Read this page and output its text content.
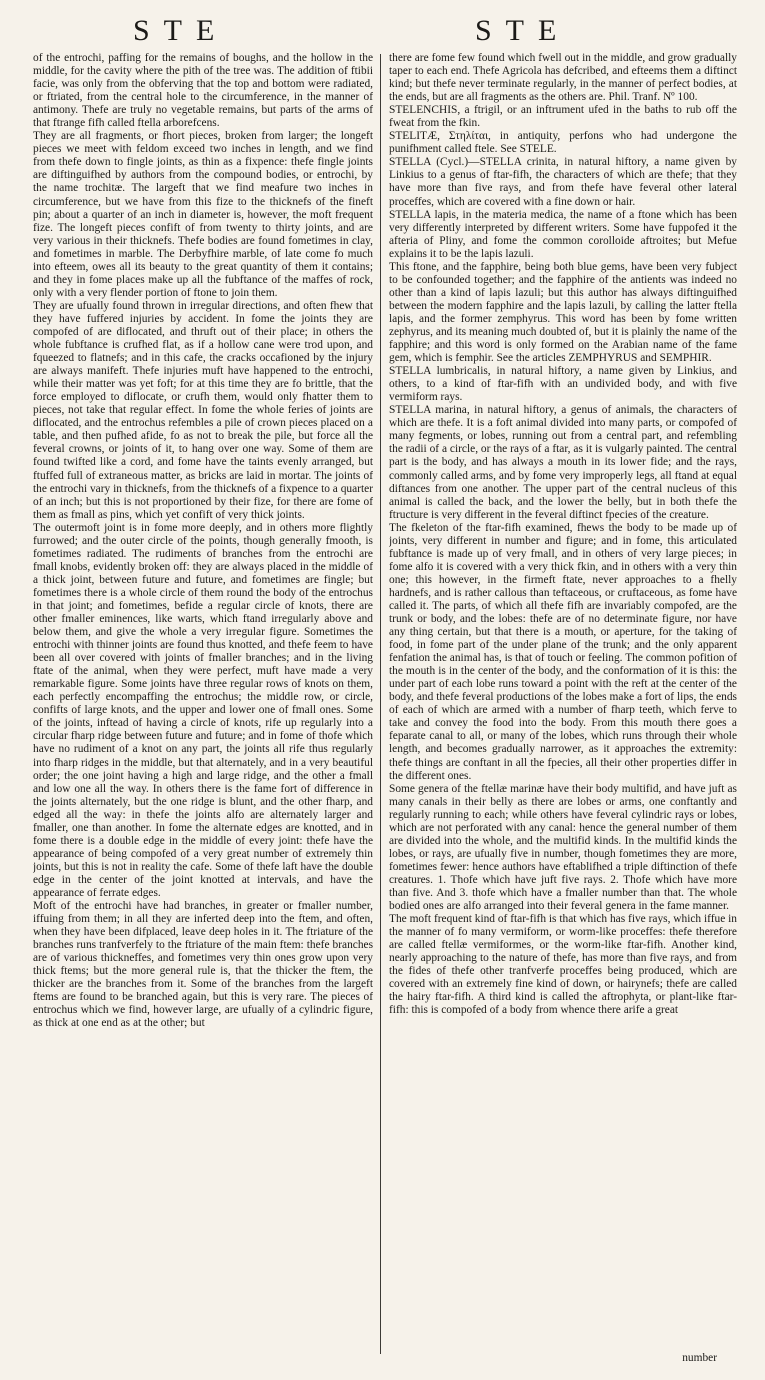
STE	STE

of the entrochi, paffing for the remains of boughs, and the hollow in the middle, for the cavity where the pith of the tree was. The addition of ftibii facie, was only from the obferving that the top and bottom were radiated, or ftriated, from the central hole to the circumference, in the manner of antimony. Thefe are truly no vegetable remains, but parts of the arms of that ftrange fifh called ftella arborefcens.

They are all fragments, or fhort pieces, broken from larger; the longeft pieces we meet with feldom exceed two inches in length, and we find from thefe down to fingle joints, as thin as a fixpence: thefe fingle joints are diftinguifhed by authors from the compound bodies, or entrochi, by the name trochitæ. The largeft that we find meafure two inches in circumference, but we have from this fize to the thicknefs of the fineft pin; about a quarter of an inch in diameter is, however, the moft frequent fize. The longeft pieces confift of from twenty to thirty joints, and are very various in their thicknefs. Thefe bodies are found fometimes in clay, and fometimes in marble. The Derbyfhire marble, of late come fo much into efteem, owes all its beauty to the great quantity of them it contains; and they in fome places make up all the fubftance of the maffes of rock, only with a very flender portion of ftone to join them.

They are ufually found thrown in irregular directions, and often fhew that they have fuffered injuries by accident. In fome the joints they are compofed of are diflocated, and thruft out of their place; in others the whole fubftance is crufhed flat, as if a hollow cane were trod upon, and fqueezed to flatnefs; and in this cafe, the cracks occafioned by the injury are always manifeft. Thefe injuries muft have happened to the entrochi, while their matter was yet foft; for at this time they are fo brittle, that the force employed to diflocate, or crufh them, would only fhatter them to pieces, not take that regular effect. In fome the whole feries of joints are diflocated, and the entrochus refembles a pile of crown pieces placed on a table, and then pufhed afide, fo as not to break the pile, but force all the feveral crowns, or joints of it, to hang over one way. Some of them are found twifted like a cord, and fome have the taints evenly arranged, but ftuffed full of extraneous matter, as bricks are laid in mortar. The joints of the entrochi vary in thicknefs, from the thicknefs of a fixpence to a quarter of an inch; but this is not proportioned by their fize, for there are fome of them as fmall as pins, which yet confift of very thick joints.

The outermoft joint is in fome more deeply, and in others more flightly furrowed; and the outer circle of the points, though generally fmooth, is fometimes radiated. The rudiments of branches from the entrochi are fmall knobs, evidently broken off: they are always placed in the middle of a thick joint, between future and future, and fometimes are fingle; but fometimes there is a whole circle of them round the body of the entrochus in that joint; and fometimes, befide a regular circle of knots, there are other fmaller eminences, like warts, which ftand irregularly above and below them, and give the whole a very irregular figure. Sometimes the entrochi with thinner joints are found thus knotted, and thefe feem to have been all over covered with joints of fmaller branches; and in the living ftate of the animal, when they were perfect, muft have made a very remarkable figure. Some joints have three regular rows of knots on them, each perfectly encompaffing the entrochus; the middle row, or circle, confifts of large knots, and the upper and lower one of fmall ones. Some of the joints, inftead of having a circle of knots, rife up regularly into a circular fharp ridge between future and future; and in fome of thofe which have no rudiment of a knot on any part, the joints all rife thus regularly into fharp ridges in the middle, but that alternately, and in a very beautiful order; the one joint having a high and large ridge, and the other a fmall and low one all the way. In others there is the fame fort of difference in the joints alternately, but the one ridge is blunt, and the other fharp, and edged all the way: in thefe the joints alfo are alternately larger and fmaller, one than another. In fome the alternate edges are knotted, and in fome there is a double edge in the middle of every joint: thefe have the appearance of being compofed of a very great number of extremely thin joints, but this is not in reality the cafe. Some of thefe laft have the double edge in the center of the joint knotted at intervals, and have the appearance of ferrate edges.

Moft of the entrochi have had branches, in greater or fmaller number, iffuing from them; in all they are inferted deep into the ftem, and often, when they have been difplaced, leave deep holes in it. The ftriature of the branches runs tranfverfely to the ftriature of the main ftem: thefe branches are of various thickneffes, and fometimes very thin ones grow upon very thick ftems; but the more general rule is, that the thicker the ftem, the thicker are the branches from it. Some of the branches from the largeft ftems are found to be branched again, but this is very rare. The pieces of entrochus which we find, however large, are ufually of a cylindric figure, as thick at one end as at the other; but

there are fome few found which fwell out in the middle, and grow gradually taper to each end. Thefe Agricola has defcribed, and efteems them a diftinct kind; but thefe never terminate regularly, in the manner of perfect bodies, at the ends, but are all fragments as the others are. Phil. Tranf. Nº 100.

STELENCHIS, a ftrigil, or an inftrument ufed in the baths to rub off the fweat from the fkin.

STELITÆ, Στηλίται, in antiquity, perfons who had undergone the punifhment called ftele. See STELE.

STELLA (Cycl.)—STELLA crinita, in natural hiftory, a name given by Linkius to a genus of ftar-fifh, the characters of which are thefe; that they have more than five rays, and from thefe have feveral other lateral proceffes, which are covered with a fine down or hair.

STELLA lapis, in the materia medica, the name of a ftone which has been very differently interpreted by different writers. Some have fuppofed it the afteria of Pliny, and fome the common corolloide aftroites; but Mefue explains it to be the lapis lazuli.

This ftone, and the fapphire, being both blue gems, have been very fubject to be confounded together; and the fapphire of the antients was indeed no other than a kind of lapis lazuli; but this author has always diftinguifhed between the modern fapphire and the lapis lazuli, by calling the latter ftella lapis, and the former zemphyrus. This word has been by fome written zephyrus, and its meaning much doubted of, but it is plainly the name of the fapphire; and this word is only formed on the Arabian name of the fame gem, which is femphir. See the articles ZEMPHYRUS and SEMPHIR.

STELLA lumbricalis, in natural hiftory, a name given by Linkius, and others, to a kind of ftar-fifh with an undivided body, and with five vermiform rays.

STELLA marina, in natural hiftory, a genus of animals, the characters of which are thefe. It is a foft animal divided into many parts, or compofed of many fegments, or lobes, running out from a central part, and refembling the radii of a circle, or the rays of a ftar, as it is vulgarly painted. The central part is the body, and has always a mouth in its lower fide; and the rays, commonly called arms, and by fome very improperly legs, all ftand at equal diftances from one another. The upper part of the central nucleus of this animal is called the back, and the lower the belly, but in both thefe the ftructure is very different in the feveral diftinct fpecies of the creature.

The fkeleton of the ftar-fifh examined, fhews the body to be made up of joints, very different in number and figure; and in fome, this articulated fubftance is made up of very fmall, and in others of very large pieces; in fome alfo it is covered with a very thick fkin, and in others with a very thin one; this however, in the firmeft ftate, never approaches to a fhelly hardnefs, and is rather callous than teftaceous, or cruftaceous, as fome have called it. The parts, of which all thefe fifh are invariably compofed, are the trunk or body, and the lobes: thefe are of no determinate figure, nor have any thing certain, but that there is a mouth, or aperture, for the taking of food, in fome part of the under plane of the trunk; and the only apparent fenfation the animal has, is that of touch or feeling. The common pofition of the mouth is in the center of the body, and the conformation of it is this: the under part of each lobe runs toward a point with the reft at the center of the body, and thefe feveral productions of the lobes make a fort of lips, the ends of each of which are armed with a number of fharp teeth, which ferve to take and convey the food into the body. From this mouth there goes a feparate canal to all, or many of the lobes, which runs through their whole length, and becomes gradually narrower, as it approaches the extremity: thefe things are conftant in all the fpecies, all their other properties differ in the different ones.

Some genera of the ftellæ marinæ have their body multifid, and have juft as many canals in their belly as there are lobes or arms, one conftantly and regularly running to each; while others have feveral cylindric rays or lobes, which are not perforated with any canal: hence the general number of them are divided into the whole, and the multifid kinds. In the multifid kinds the lobes, or rays, are ufually five in number, though fometimes they are more, fometimes fewer: hence authors have eftablifhed a triple diftinction of thefe creatures. 1. Thofe which have juft five rays. 2. Thofe which have more than five. And 3. thofe which have a fmaller number than that. The whole bodied ones are alfo arranged into their feveral genera in the fame manner.

The moft frequent kind of ftar-fifh is that which has five rays, which iffue in the manner of fo many vermiform, or worm-like proceffes: thefe therefore are called ftellæ vermiformes, or the worm-like ftar-fifh. Another kind, nearly approaching to the nature of thefe, has more than five rays, and from the fides of thefe other tranfverfe proceffes being produced, which are covered with an extremely fine kind of down, or hairynefs; thefe are called the hairy ftar-fifh. A third kind is called the aftrophyta, or plant-like ftar-fifh: this is compofed of a body from whence there arife a great

number
